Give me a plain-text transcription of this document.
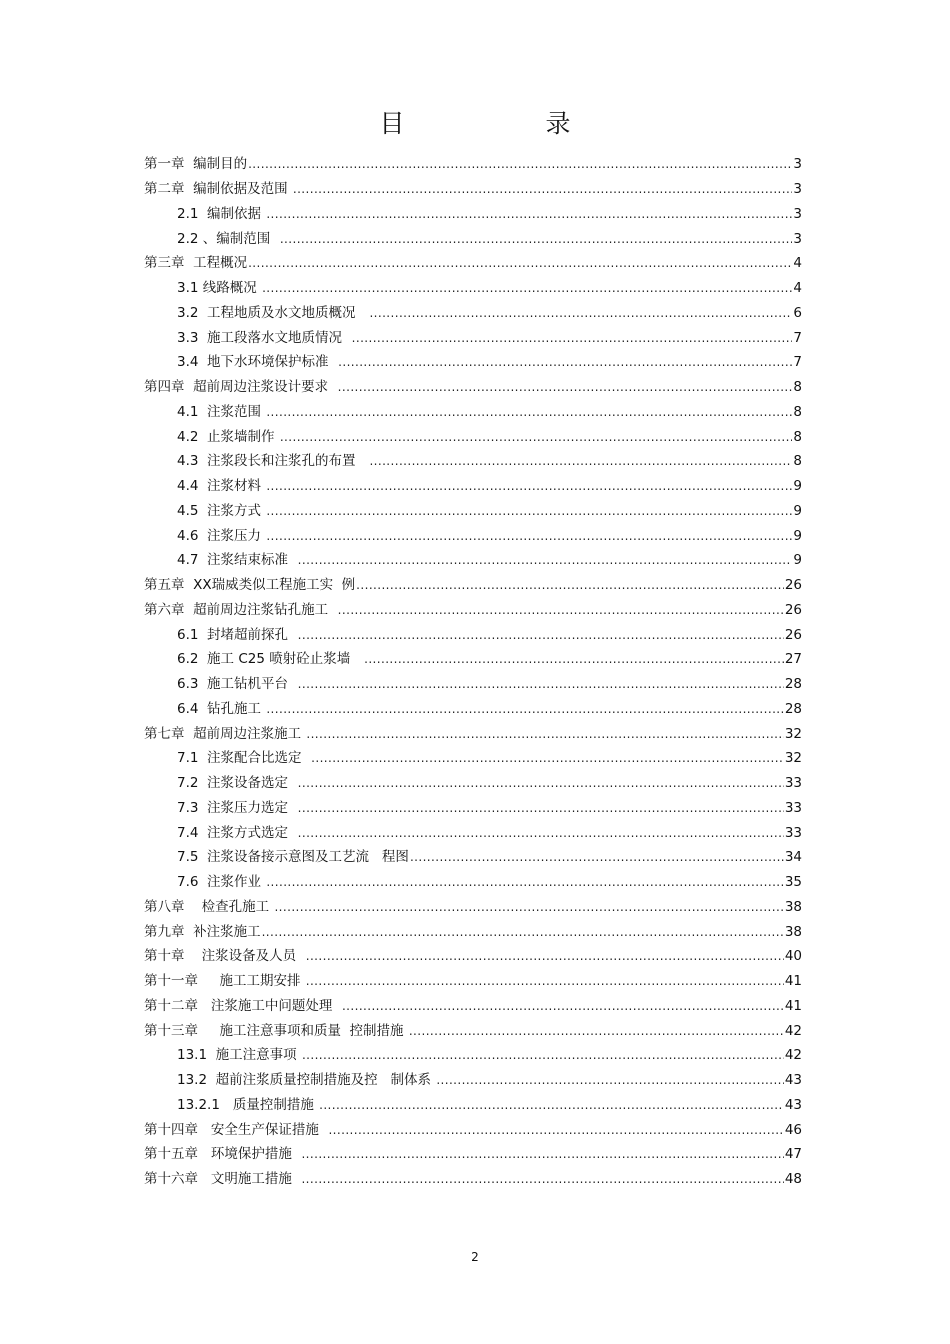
目　录
第一章  编制目的 .....	3
第二章  编制依据及范围 .....	3
2.1  编制依据 .....	3
2.2 、编制范围 .....	3
第三章  工程概况 .....	4
3.1 线路概况 .....	4
3.2  工程地质及水文地质概况 .....	6
3.3  施工段落水文地质情况 .....	7
3.4  地下水环境保护标准 .....	7
第四章  超前周边注浆设计要求 .....	8
4.1  注浆范围 .....	8
4.2  止浆墙制作 .....	8
4.3  注浆段长和注浆孔的布置 .....	8
4.4  注浆材料 .....	9
4.5  注浆方式 .....	9
4.6  注浆压力 .....	9
4.7  注浆结束标准 .....	9
第五章  XX瑞威类似工程施工实  例 .....	26
第六章  超前周边注浆钻孔施工 .....	26
6.1  封堵超前探孔 .....	26
6.2  施工 C25 喷射砼止浆墙 .....	27
6.3  施工钻机平台 .....	28
6.4  钻孔施工 .....	28
第七章  超前周边注浆施工 .....	32
7.1  注浆配合比选定 .....	32
7.2  注浆设备选定 .....	33
7.3  注浆压力选定 .....	33
7.4  注浆方式选定 .....	33
7.5  注浆设备接示意图及工艺流   程图 .....	34
7.6  注浆作业 .....	35
第八章    检查孔施工 .....	38
第九章  补注浆施工 .....	38
第十章    注浆设备及人员 .....	40
第十一章     施工工期安排 .....	41
第十二章   注浆施工中问题处理 .....	41
第十三章     施工注意事项和质量  控制措施 .....	42
13.1  施工注意事项 .....	42
13.2  超前注浆质量控制措施及控   制体系 .....	43
13.2.1   质量控制措施 .....	43
第十四章   安全生产保证措施 .....	46
第十五章   环境保护措施 .....	47
第十六章   文明施工措施 .....	48
2
